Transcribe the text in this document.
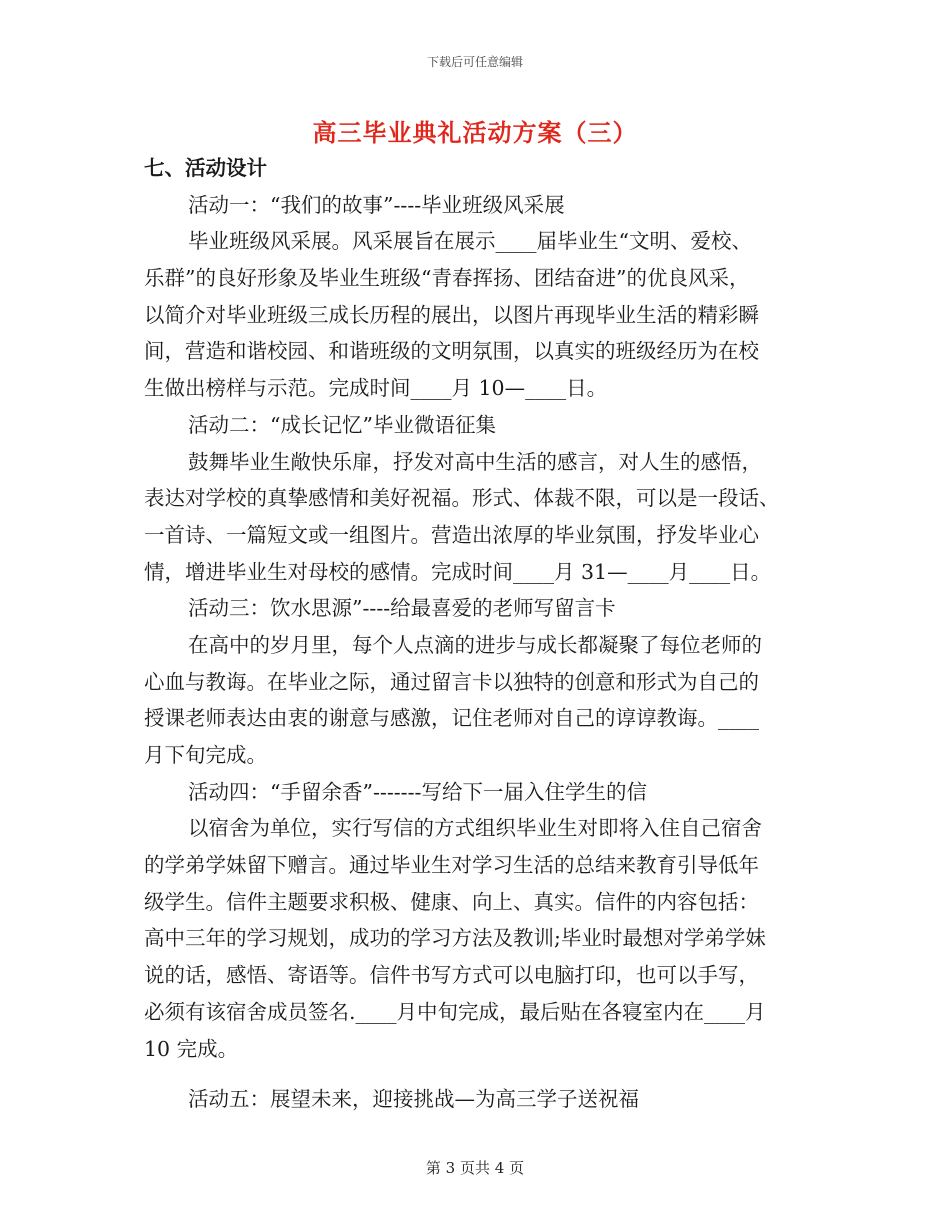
下载后可任意编辑
高三毕业典礼活动方案（三）
七、活动设计
活动一：“我们的故事”----毕业班级风采展
毕业班级风采展。风采展旨在展示____届毕业生“文明、爱校、
乐群”的良好形象及毕业生班级“青春挥扬、团结奋进”的优良风采，
以简介对毕业班级三成长历程的展出，以图片再现毕业生活的精彩瞬
间，营造和谐校园、和谐班级的文明氛围，以真实的班级经历为在校
生做出榜样与示范。完成时间____月 10—____日。
活动二：“成长记忆”毕业微语征集
鼓舞毕业生敞快乐扉，抒发对高中生活的感言，对人生的感悟，
表达对学校的真挚感情和美好祝福。形式、体裁不限，可以是一段话、
一首诗、一篇短文或一组图片。营造出浓厚的毕业氛围，抒发毕业心
情，增进毕业生对母校的感情。完成时间____月 31—____月____日。
活动三：饮水思源”----给最喜爱的老师写留言卡
在高中的岁月里，每个人点滴的进步与成长都凝聚了每位老师的
心血与教诲。在毕业之际，通过留言卡以独特的创意和形式为自己的
授课老师表达由衷的谢意与感激，记住老师对自己的谆谆教诲。____
月下旬完成。
活动四：“手留余香”-------写给下一届入住学生的信
以宿舍为单位，实行写信的方式组织毕业生对即将入住自己宿舍
的学弟学妹留下赠言。通过毕业生对学习生活的总结来教育引导低年
级学生。信件主题要求积极、健康、向上、真实。信件的内容包括：
高中三年的学习规划，成功的学习方法及教训;毕业时最想对学弟学妹
说的话，感悟、寄语等。信件书写方式可以电脑打印，也可以手写，
必须有该宿舍成员签名.____月中旬完成，最后贴在各寝室内在____月
10 完成。
活动五：展望未来，迎接挑战—为高三学子送祝福
第 3 页共 4 页
